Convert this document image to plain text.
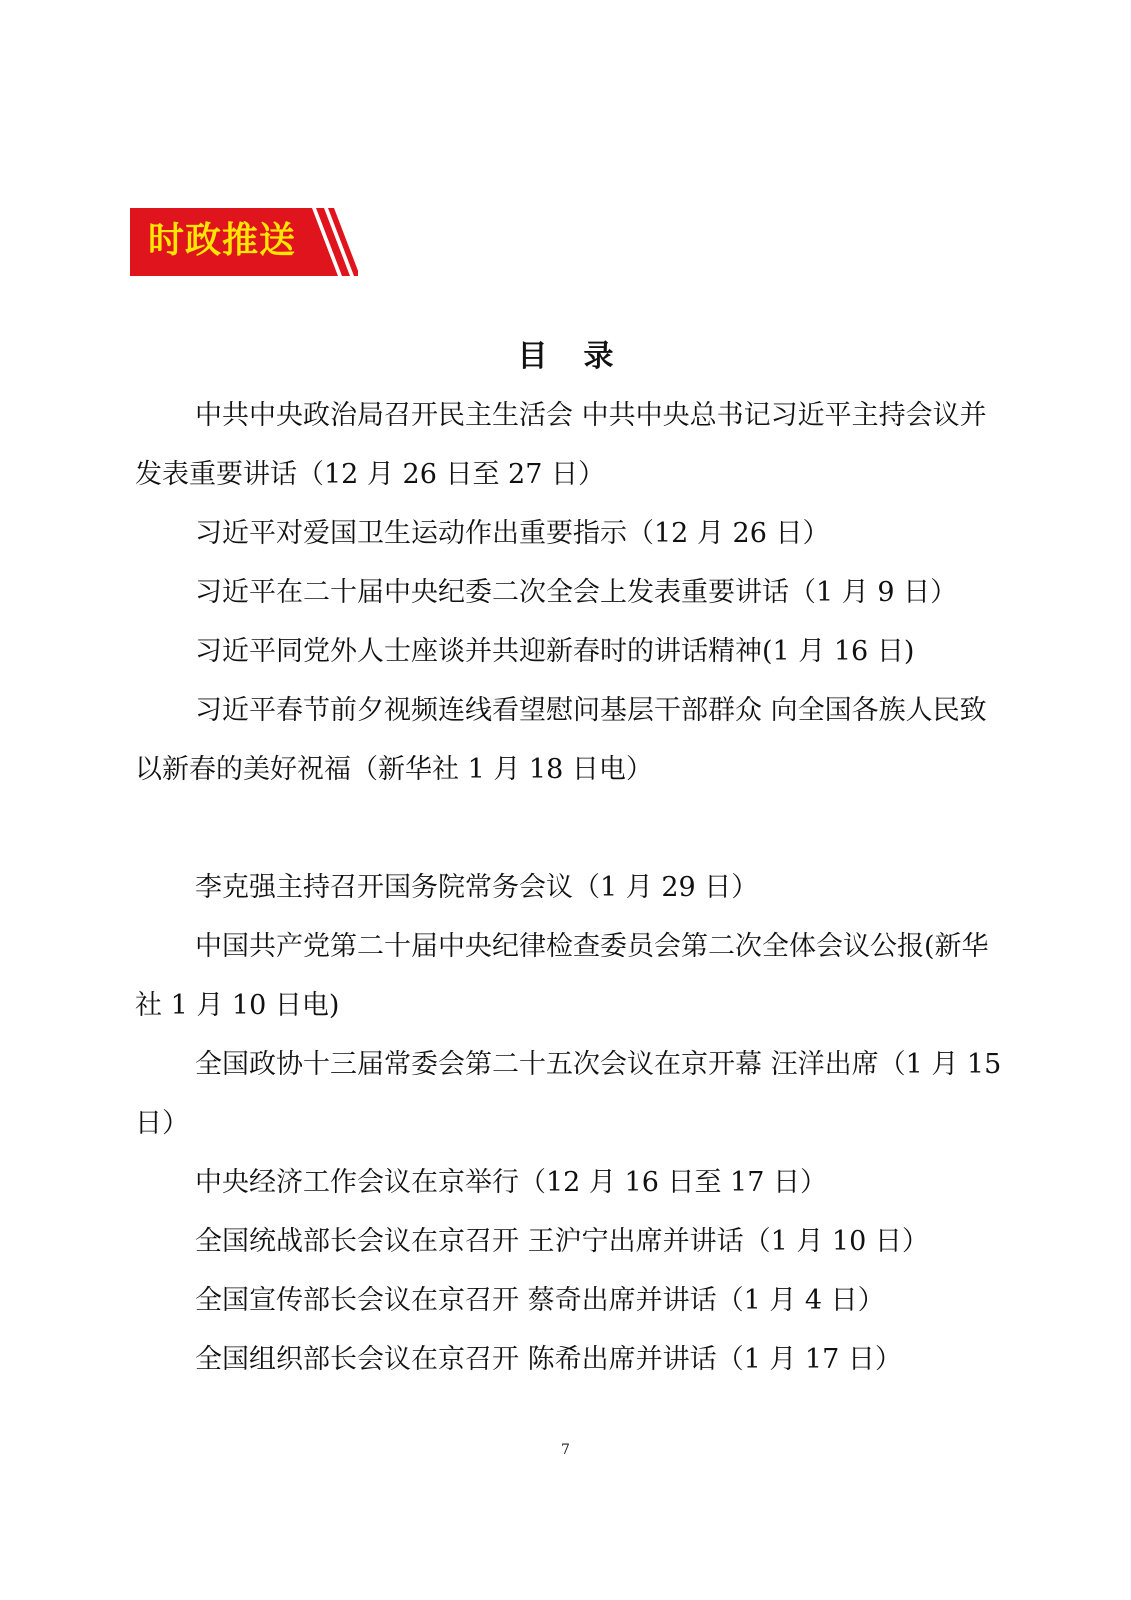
时政推送
目录
中共中央政治局召开民主生活会 中共中央总书记习近平主持会议并发表重要讲话（12 月 26 日至 27 日）
习近平对爱国卫生运动作出重要指示（12 月 26 日）
习近平在二十届中央纪委二次全会上发表重要讲话（1 月 9 日）
习近平同党外人士座谈并共迎新春时的讲话精神(1 月 16 日)
习近平春节前夕视频连线看望慰问基层干部群众 向全国各族人民致以新春的美好祝福（新华社 1 月 18 日电）
李克强主持召开国务院常务会议（1 月 29 日）
中国共产党第二十届中央纪律检查委员会第二次全体会议公报(新华社 1 月 10 日电)
全国政协十三届常委会第二十五次会议在京开幕 汪洋出席（1 月 15 日）
中央经济工作会议在京举行（12 月 16 日至 17 日）
全国统战部长会议在京召开 王沪宁出席并讲话（1 月 10 日）
全国宣传部长会议在京召开 蔡奇出席并讲话（1 月 4 日）
全国组织部长会议在京召开 陈希出席并讲话（1 月 17 日）
7
